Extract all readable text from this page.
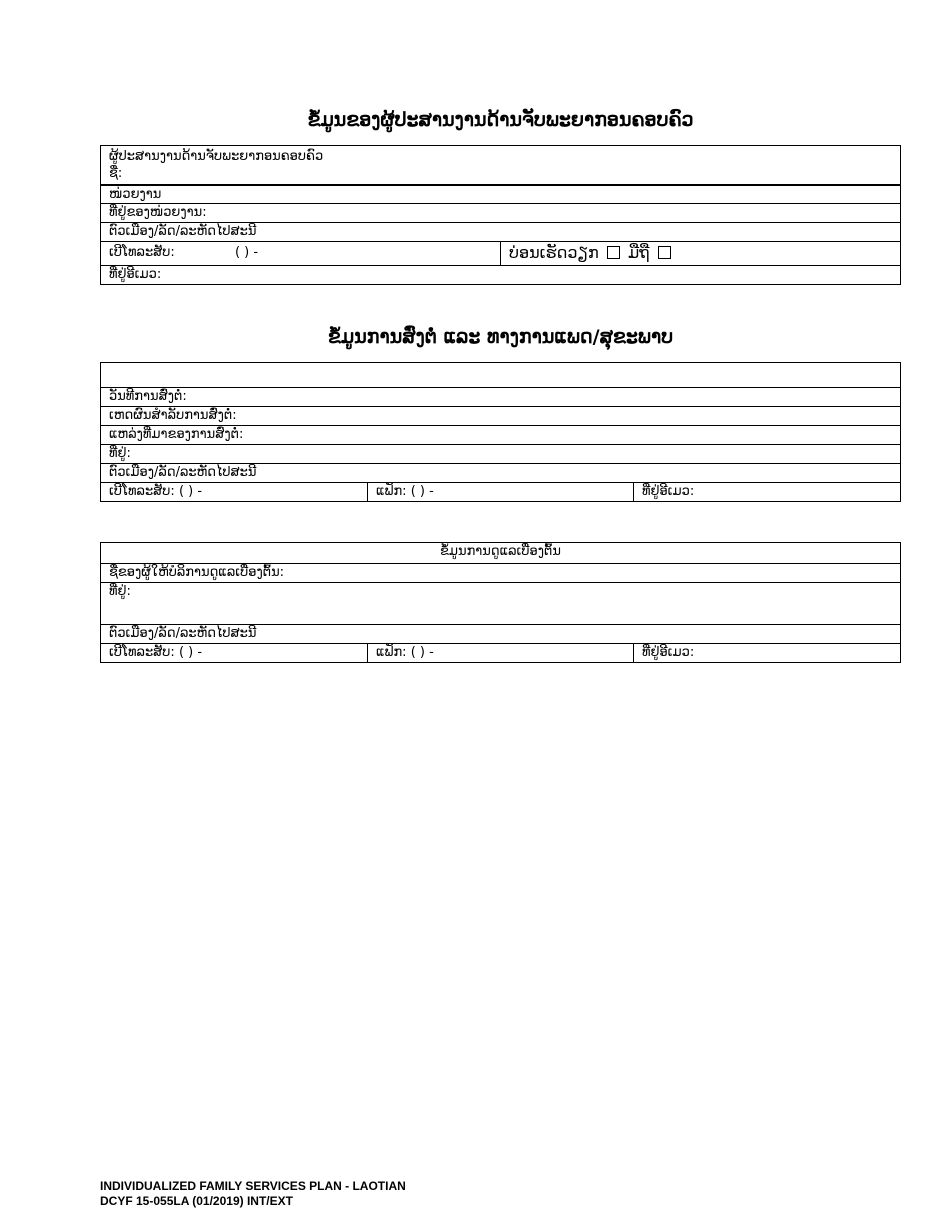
ຂໍ້ມູນຂອງຜູ້ປະສານງານດ້ານຈັບພະຍາກອນຄອບຄົວ
ຜູ້ປະສານງານດ້ານຈັບພະຍາກອນຄອບຄົວ
ຊື່:
ໜ່ວຍງານ
ທີ່ຢູ່ຂອງໜ່ວຍງານ:
ຕົວເມືອງ/ລັດ/ລະຫັດໄປສະນີ
ເບີໂທລະສັບ:	( ) -	ບ່ອນເຮັດວຽກ ມືຖື
ທີ່ຢູ່ອີເມວ:
ຂໍ້ມູນການສົ່ງຕໍ່ ແລະ ທາງການແພດ/ສຸຂະພາບ
ວັນທີການສົ່ງຕໍ່:
ເຫດຜົນສໍາລັບການສົ່ງຕໍ່:
ແຫລ່ງທີ່ມາຂອງການສົ່ງຕໍ່:
ທີ່ຢູ່:
ຕົວເມືອງ/ລັດ/ລະຫັດໄປສະນີ
ເບີໂທລະສັບ: ( ) -	ແຟັກ: ( ) -	ທີ່ຢູ່ອີເມວ:
ຂໍ້ມູນການດູແລເບື່ອງຕົ້ນ
ຊື່ຂອງຜູ້ໃຫ້ບໍລິການດູແລເບື່ອງຕົ້ນ:
ທີ່ຢູ່:
ຕົວເມືອງ/ລັດ/ລະຫັດໄປສະນີ
ເບີໂທລະສັບ: ( ) -	ແຟັກ: ( ) -	ທີ່ຢູ່ອີເມວ:
INDIVIDUALIZED FAMILY SERVICES PLAN - LAOTIAN
DCYF 15-055LA (01/2019) INT/EXT
